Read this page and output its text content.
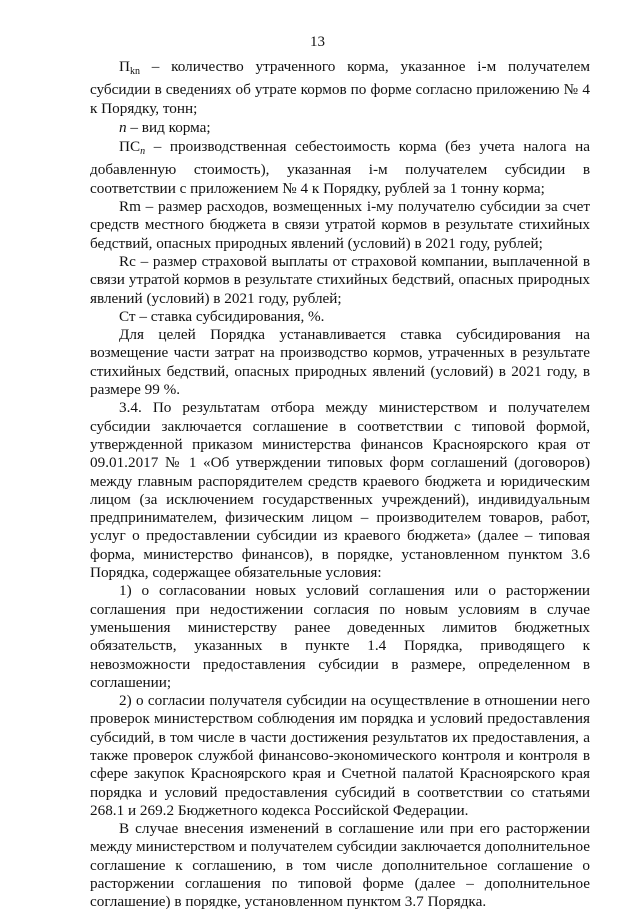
13

Пkn – количество утраченного корма, указанное i-м получателем субсидии в сведениях об утрате кормов по форме согласно приложению № 4 к Порядку, тонн;

n – вид корма;

ПСn – производственная себестоимость корма (без учета налога на добавленную стоимость), указанная i-м получателем субсидии в соответствии с приложением № 4 к Порядку, рублей за 1 тонну корма;

Rm – размер расходов, возмещенных i-му получателю субсидии за счет средств местного бюджета в связи утратой кормов в результате стихийных бедствий, опасных природных явлений (условий) в 2021 году, рублей;

Rс – размер страховой выплаты от страховой компании, выплаченной в связи утратой кормов в результате стихийных бедствий, опасных природных явлений (условий) в 2021 году, рублей;

Ст – ставка субсидирования, %.

Для целей Порядка устанавливается ставка субсидирования на возмещение части затрат на производство кормов, утраченных в результате стихийных бедствий, опасных природных явлений (условий) в 2021 году, в размере 99 %.

3.4. По результатам отбора между министерством и получателем субсидии заключается соглашение в соответствии с типовой формой, утвержденной приказом министерства финансов Красноярского края от 09.01.2017 № 1 «Об утверждении типовых форм соглашений (договоров) между главным распорядителем средств краевого бюджета и юридическим лицом (за исключением государственных учреждений), индивидуальным предпринимателем, физическим лицом – производителем товаров, работ, услуг о предоставлении субсидии из краевого бюджета» (далее – типовая форма, министерство финансов), в порядке, установленном пунктом 3.6 Порядка, содержащее обязательные условия:

1) о согласовании новых условий соглашения или о расторжении соглашения при недостижении согласия по новым условиям в случае уменьшения министерству ранее доведенных лимитов бюджетных обязательств, указанных в пункте 1.4 Порядка, приводящего к невозможности предоставления субсидии в размере, определенном в соглашении;

2) о согласии получателя субсидии на осуществление в отношении него проверок министерством соблюдения им порядка и условий предоставления субсидий, в том числе в части достижения результатов их предоставления, а также проверок службой финансово-экономического контроля и контроля в сфере закупок Красноярского края и Счетной палатой Красноярского края порядка и условий предоставления субсидий в соответствии со статьями 268.1 и 269.2 Бюджетного кодекса Российской Федерации.

В случае внесения изменений в соглашение или при его расторжении между министерством и получателем субсидии заключается дополнительное соглашение к соглашению, в том числе дополнительное соглашение о расторжении соглашения по типовой форме (далее – дополнительное соглашение) в порядке, установленном пунктом 3.7 Порядка.
